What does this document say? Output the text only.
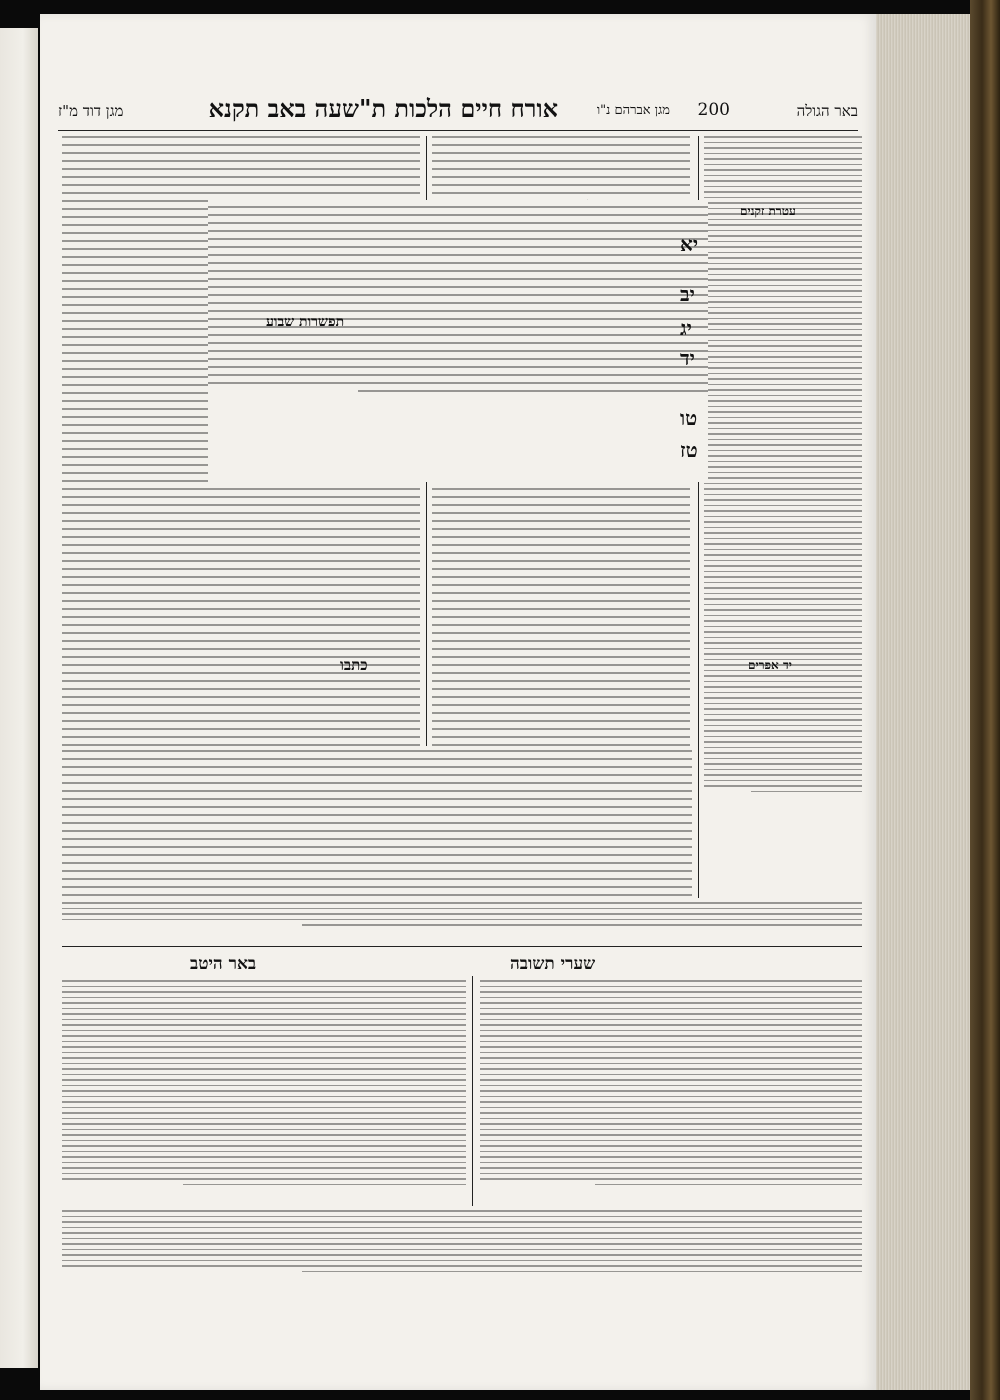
באר הגולה
200
מגן אברהם נ"ו
אורח חיים הלכות ת"שעה באב תקנא
מגן דוד מ"ז
עטרת זקנים
יד אפרים
יא
יב
יג
יד
טו
טז
תפשרות שבוע
כתבו
שערי תשובה
באר היטב
